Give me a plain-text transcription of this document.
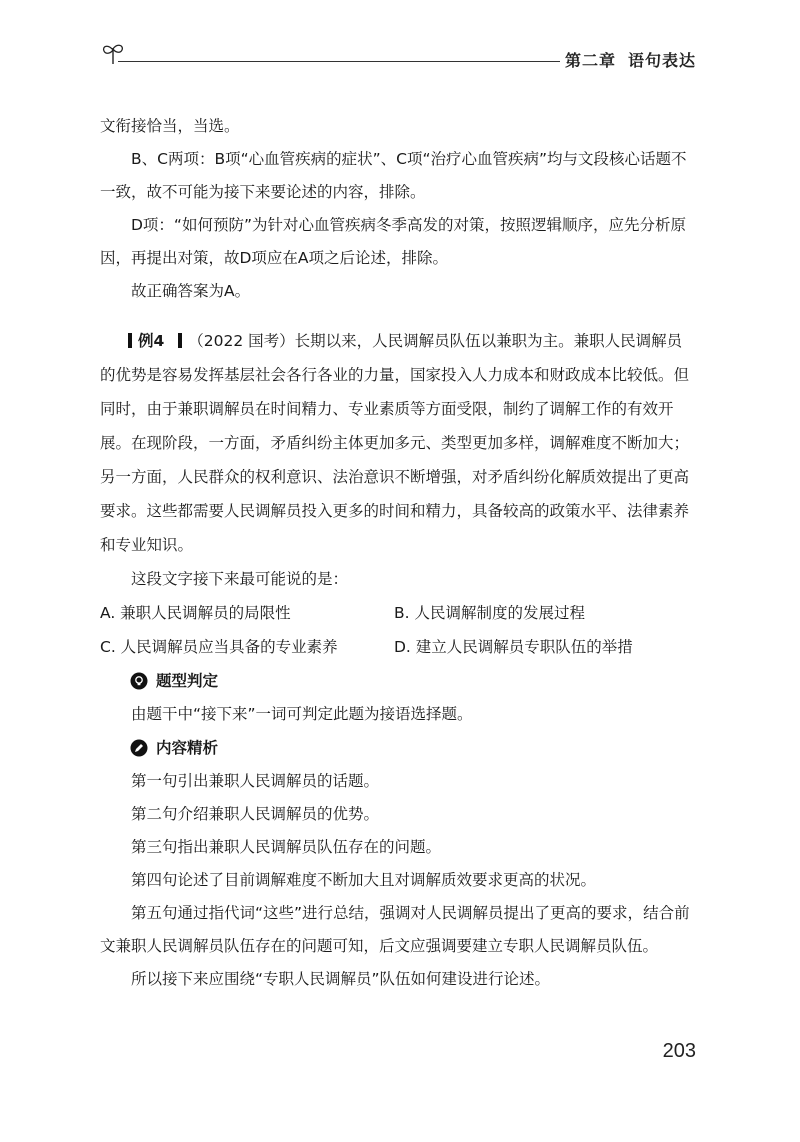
第二章 语句表达

文衔接恰当，当选。

B、C两项：B项“心血管疾病的症状”、C项“治疗心血管疾病”均与文段核心话题不一致，故不可能为接下来要论述的内容，排除。

D项：“如何预防”为针对心血管疾病冬季高发的对策，按照逻辑顺序，应先分析原因，再提出对策，故D项应在A项之后论述，排除。

故正确答案为A。

例4 （2022 国考）长期以来，人民调解员队伍以兼职为主。兼职人民调解员的优势是容易发挥基层社会各行各业的力量，国家投入人力成本和财政成本比较低。但同时，由于兼职调解员在时间精力、专业素质等方面受限，制约了调解工作的有效开展。在现阶段，一方面，矛盾纠纷主体更加多元、类型更加多样，调解难度不断加大；另一方面，人民群众的权利意识、法治意识不断增强，对矛盾纠纷化解质效提出了更高要求。这些都需要人民调解员投入更多的时间和精力，具备较高的政策水平、法律素养和专业知识。

这段文字接下来最可能说的是：

A. 兼职人民调解员的局限性	B. 人民调解制度的发展过程
C. 人民调解员应当具备的专业素养	D. 建立人民调解员专职队伍的举措
题型判定

由题干中“接下来”一词可判定此题为接语选择题。

内容精析

第一句引出兼职人民调解员的话题。

第二句介绍兼职人民调解员的优势。

第三句指出兼职人民调解员队伍存在的问题。

第四句论述了目前调解难度不断加大且对调解质效要求更高的状况。

第五句通过指代词“这些”进行总结，强调对人民调解员提出了更高的要求，结合前文兼职人民调解员队伍存在的问题可知，后文应强调要建立专职人民调解员队伍。

所以接下来应围绕“专职人民调解员”队伍如何建设进行论述。

203
